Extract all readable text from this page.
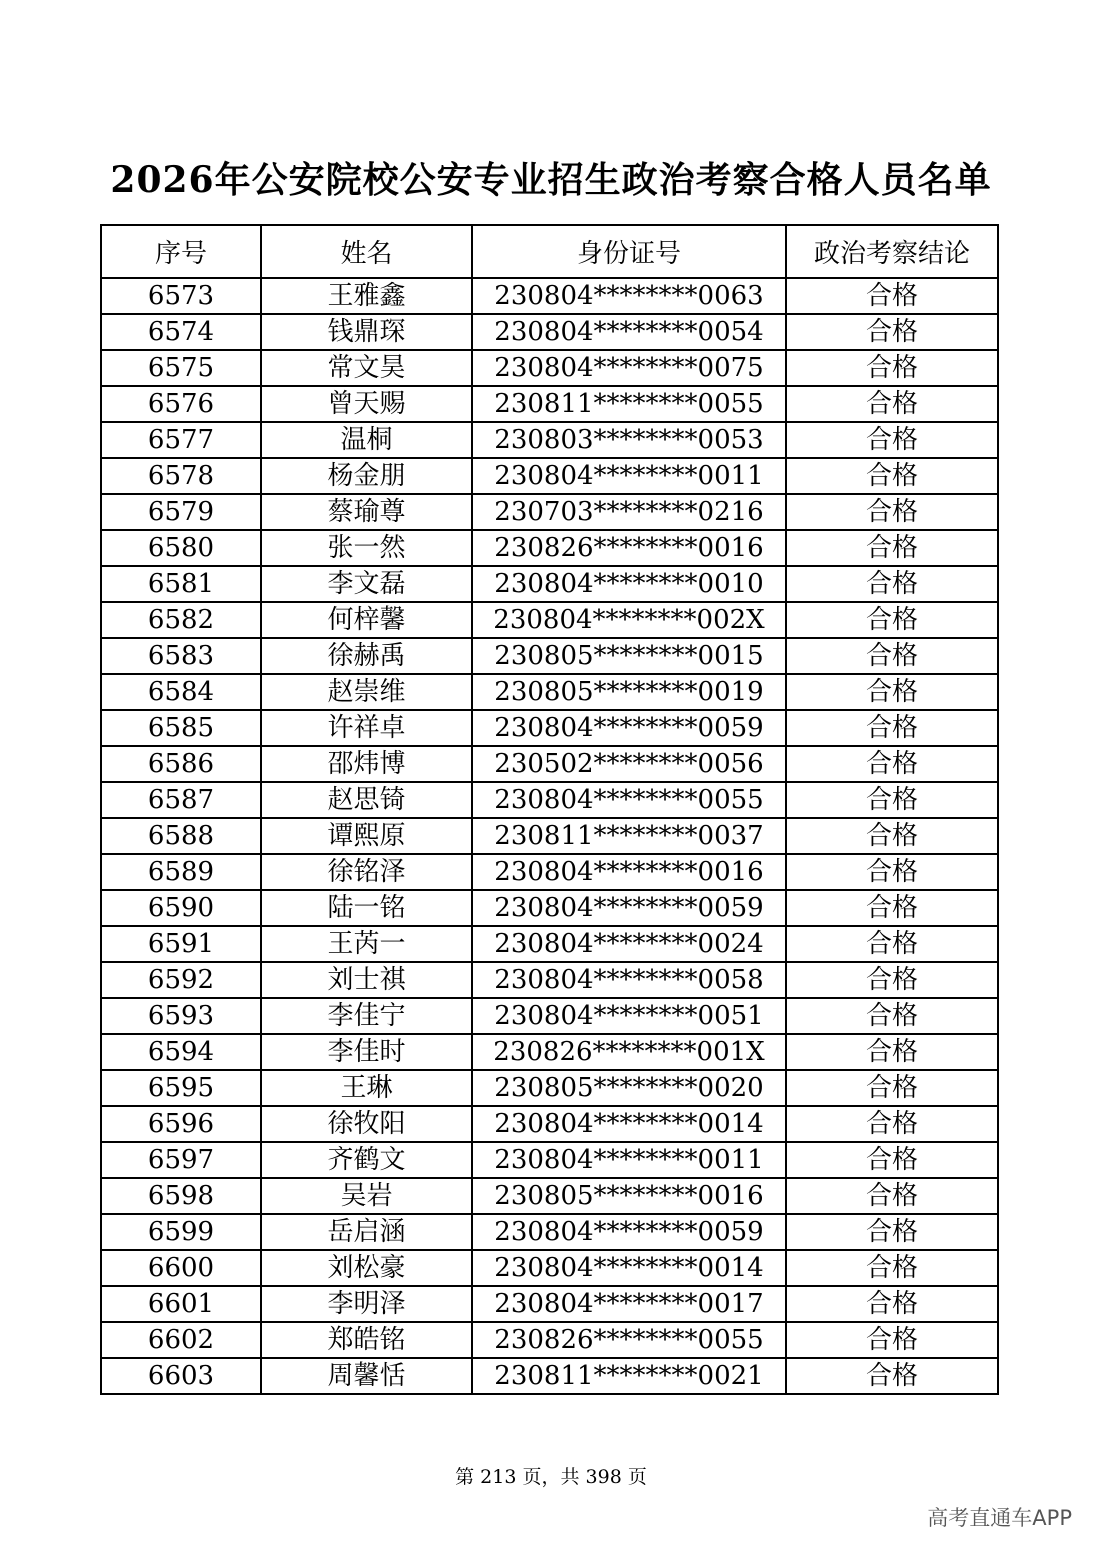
2026年公安院校公安专业招生政治考察合格人员名单
序号	姓名	身份证号	政治考察结论
6573	王雅鑫	230804********0063	合格
6574	钱鼎琛	230804********0054	合格
6575	常文昊	230804********0075	合格
6576	曾天赐	230811********0055	合格
6577	温桐	230803********0053	合格
6578	杨金朋	230804********0011	合格
6579	蔡瑜尊	230703********0216	合格
6580	张一然	230826********0016	合格
6581	李文磊	230804********0010	合格
6582	何梓馨	230804********002X	合格
6583	徐赫禹	230805********0015	合格
6584	赵崇维	230805********0019	合格
6585	许祥卓	230804********0059	合格
6586	邵炜博	230502********0056	合格
6587	赵思锜	230804********0055	合格
6588	谭熙原	230811********0037	合格
6589	徐铭泽	230804********0016	合格
6590	陆一铭	230804********0059	合格
6591	王芮一	230804********0024	合格
6592	刘士祺	230804********0058	合格
6593	李佳宁	230804********0051	合格
6594	李佳时	230826********001X	合格
6595	王琳	230805********0020	合格
6596	徐牧阳	230804********0014	合格
6597	齐鹤文	230804********0011	合格
6598	吴岩	230805********0016	合格
6599	岳启涵	230804********0059	合格
6600	刘松豪	230804********0014	合格
6601	李明泽	230804********0017	合格
6602	郑皓铭	230826********0055	合格
6603	周馨恬	230811********0021	合格
第 213 页，共 398 页
高考直通车APP
